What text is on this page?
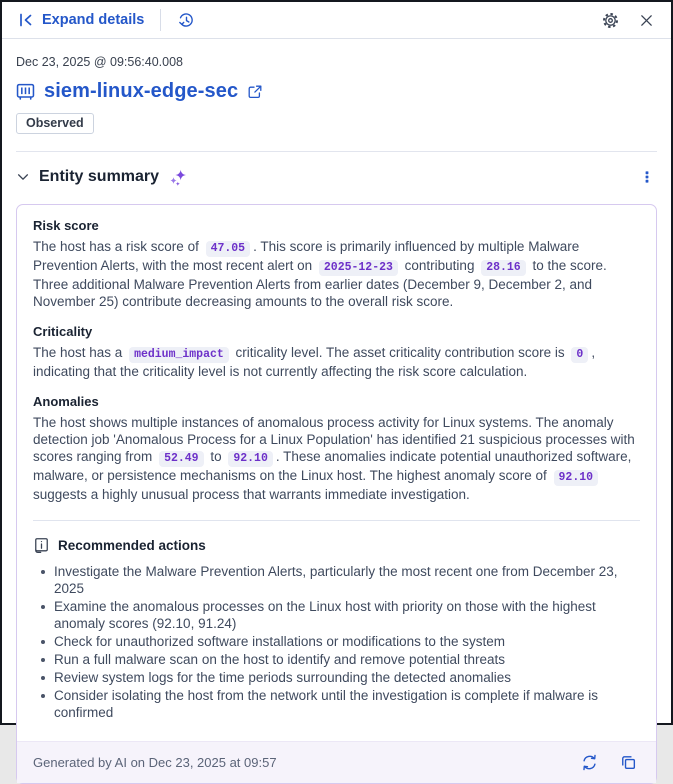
Expand details
Dec 23, 2025 @ 09:56:40.008
siem-linux-edge-sec
Observed
Entity summary
Risk score

The host has a risk score of 47.05 . This score is primarily influenced by multiple Malware Prevention Alerts, with the most recent alert on 2025-12-23 contributing 28.16 to the score. Three additional Malware Prevention Alerts from earlier dates (December 9, December 2, and November 25) contribute decreasing amounts to the overall risk score.

Criticality

The host has a medium_impact criticality level. The asset criticality contribution score is 0 , indicating that the criticality level is not currently affecting the risk score calculation.

Anomalies

The host shows multiple instances of anomalous process activity for Linux systems. The anomaly detection job 'Anomalous Process for a Linux Population' has identified 21 suspicious processes with scores ranging from 52.49 to 92.10 . These anomalies indicate potential unauthorized software, malware, or persistence mechanisms on the Linux host. The highest anomaly score of 92.10 suggests a highly unusual process that warrants immediate investigation.

Recommended actions
Investigate the Malware Prevention Alerts, particularly the most recent one from December 23, 2025
Examine the anomalous processes on the Linux host with priority on those with the highest anomaly scores (92.10, 91.24)
Check for unauthorized software installations or modifications to the system
Run a full malware scan on the host to identify and remove potential threats
Review system logs for the time periods surrounding the detected anomalies
Consider isolating the host from the network until the investigation is complete if malware is confirmed
Generated by AI on Dec 23, 2025 at 09:57
